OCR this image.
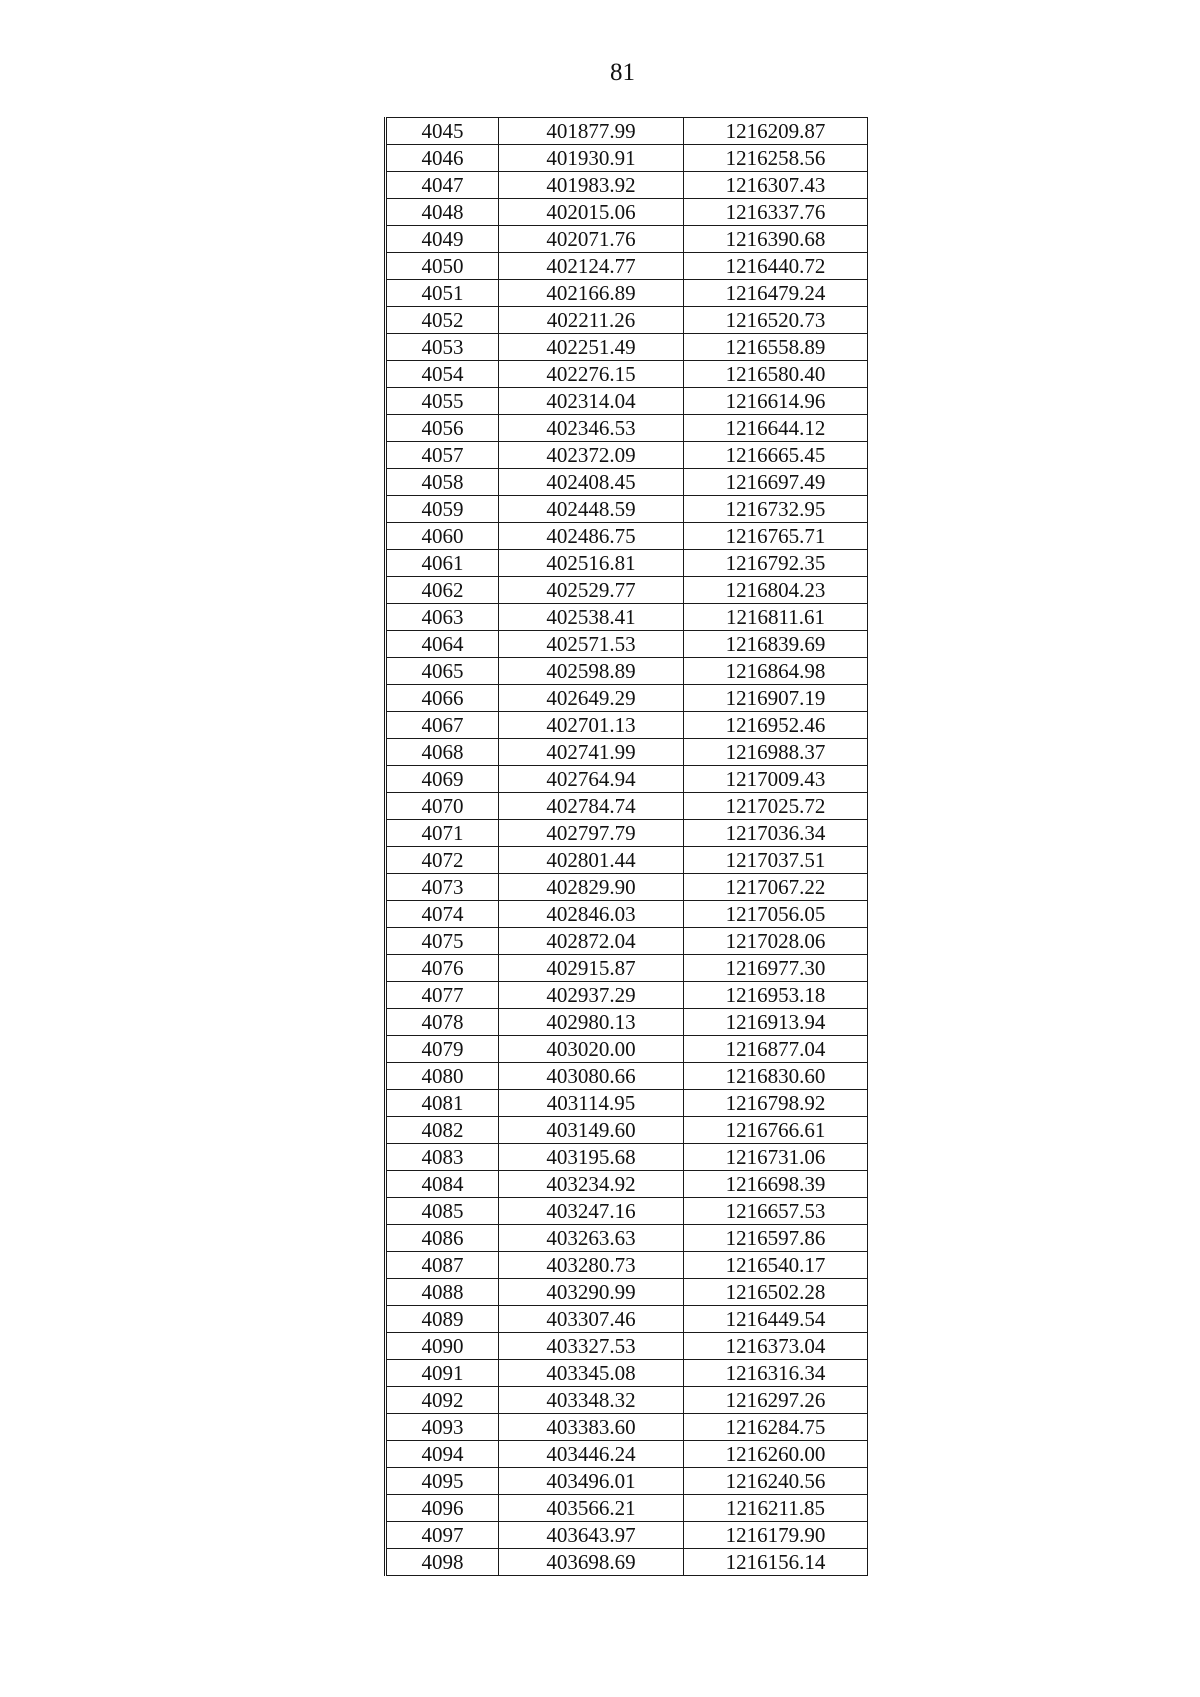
81
4045	401877.99	1216209.87
4046	401930.91	1216258.56
4047	401983.92	1216307.43
4048	402015.06	1216337.76
4049	402071.76	1216390.68
4050	402124.77	1216440.72
4051	402166.89	1216479.24
4052	402211.26	1216520.73
4053	402251.49	1216558.89
4054	402276.15	1216580.40
4055	402314.04	1216614.96
4056	402346.53	1216644.12
4057	402372.09	1216665.45
4058	402408.45	1216697.49
4059	402448.59	1216732.95
4060	402486.75	1216765.71
4061	402516.81	1216792.35
4062	402529.77	1216804.23
4063	402538.41	1216811.61
4064	402571.53	1216839.69
4065	402598.89	1216864.98
4066	402649.29	1216907.19
4067	402701.13	1216952.46
4068	402741.99	1216988.37
4069	402764.94	1217009.43
4070	402784.74	1217025.72
4071	402797.79	1217036.34
4072	402801.44	1217037.51
4073	402829.90	1217067.22
4074	402846.03	1217056.05
4075	402872.04	1217028.06
4076	402915.87	1216977.30
4077	402937.29	1216953.18
4078	402980.13	1216913.94
4079	403020.00	1216877.04
4080	403080.66	1216830.60
4081	403114.95	1216798.92
4082	403149.60	1216766.61
4083	403195.68	1216731.06
4084	403234.92	1216698.39
4085	403247.16	1216657.53
4086	403263.63	1216597.86
4087	403280.73	1216540.17
4088	403290.99	1216502.28
4089	403307.46	1216449.54
4090	403327.53	1216373.04
4091	403345.08	1216316.34
4092	403348.32	1216297.26
4093	403383.60	1216284.75
4094	403446.24	1216260.00
4095	403496.01	1216240.56
4096	403566.21	1216211.85
4097	403643.97	1216179.90
4098	403698.69	1216156.14
